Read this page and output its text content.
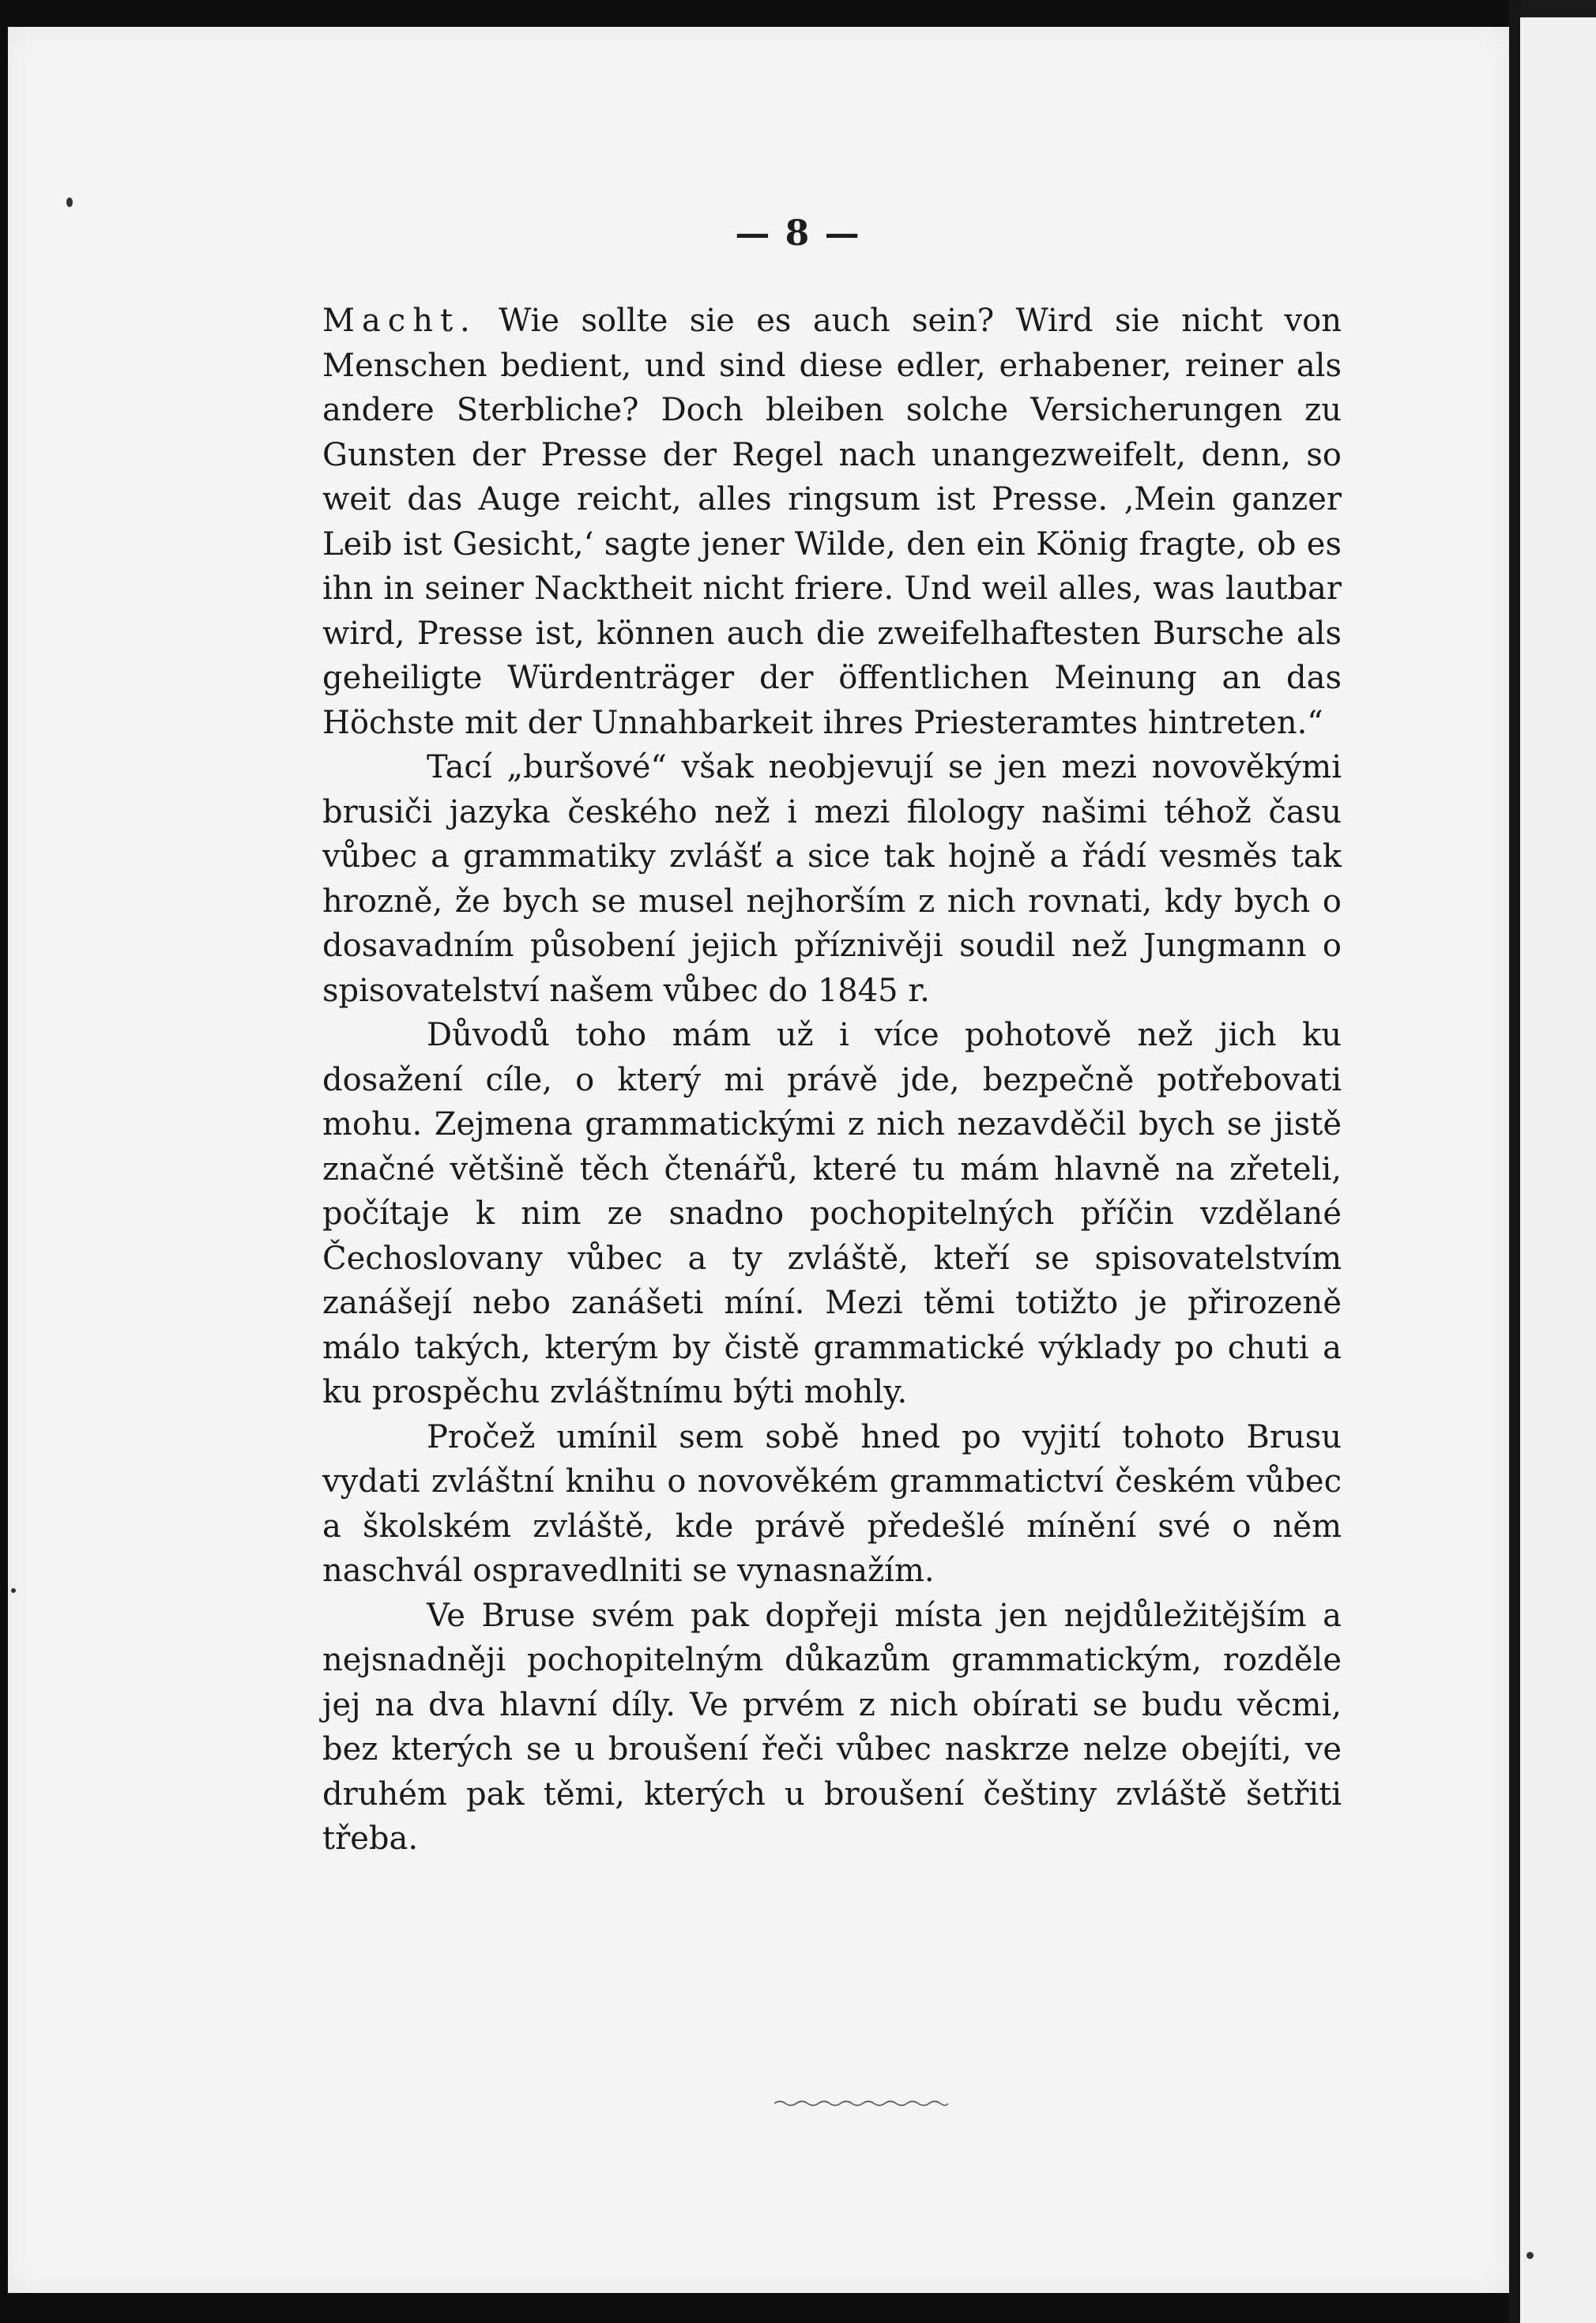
— 8 —

Macht. Wie sollte sie es auch sein? Wird sie nicht von Menschen bedient, und sind diese edler, erhabener, reiner als andere Sterbliche? Doch bleiben solche Versicherungen zu Gunsten der Presse der Regel nach unangezweifelt, denn, so weit das Auge reicht, alles ringsum ist Presse. ‚Mein ganzer Leib ist Gesicht,‘ sagte jener Wilde, den ein König fragte, ob es ihn in seiner Nacktheit nicht friere. Und weil alles, was lautbar wird, Presse ist, können auch die zweifelhaftesten Bursche als geheiligte Würdenträger der öffentlichen Meinung an das Höchste mit der Unnahbarkeit ihres Priesteramtes hintreten.“

Tací „buršové“ však neobjevují se jen mezi novověkými brusiči jazyka českého než i mezi filology našimi téhož času vůbec a grammatiky zvlášť a sice tak hojně a řádí vesměs tak hrozně, že bych se musel nejhorším z nich rovnati, kdy bych o dosavadním působení jejich příznivěji soudil než Jungmann o spisovatelství našem vůbec do 1845 r.

Důvodů toho mám už i více pohotově než jich ku dosažení cíle, o který mi právě jde, bezpečně potřebovati mohu. Zejmena grammatickými z nich nezavděčil bych se jistě značné většině těch čtenářů, které tu mám hlavně na zřeteli, počítaje k nim ze snadno pochopitelných příčin vzdělané Čechoslovany vůbec a ty zvláště, kteří se spisovatelstvím zanášejí nebo zanášeti míní. Mezi těmi totižto je přirozeně málo takých, kterým by čistě grammatické výklady po chuti a ku prospěchu zvláštnímu býti mohly.

Pročež umínil sem sobě hned po vyjití tohoto Brusu vydati zvláštní knihu o novověkém grammatictví českém vůbec a školském zvláště, kde právě předešlé mínění své o něm naschvál ospravedlniti se vynasnažím.

Ve Bruse svém pak dopřeji místa jen nejdůležitějším a nejsnadněji pochopitelným důkazům grammatickým, rozděle jej na dva hlavní díly. Ve prvém z nich obírati se budu věcmi, bez kterých se u broušení řeči vůbec naskrze nelze obejíti, ve druhém pak těmi, kterých u broušení češtiny zvláště šetřiti třeba.
